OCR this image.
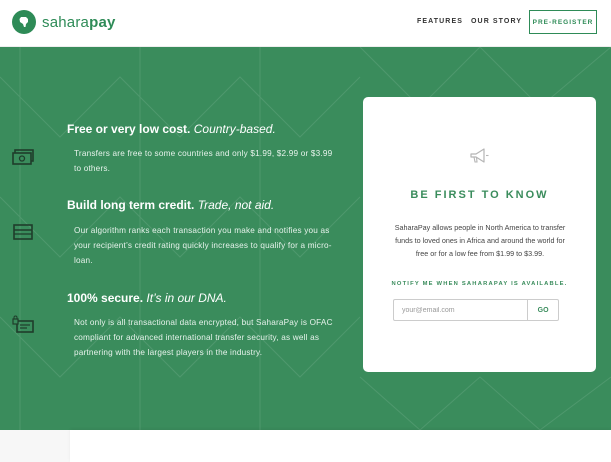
saharapay	FEATURES OUR STORY	PRE-REGISTER
Free or very low cost. Country-based.
Transfers are free to some countries and only $1.99, $2.99 or $3.99 to others.
Build long term credit. Trade, not aid.
Our algorithm ranks each transaction you make and notifies you as your recipient’s credit rating quickly increases to qualify for a micro-loan.
100% secure. It’s in our DNA.
Not only is all transactional data encrypted, but SaharaPay is OFAC compliant for advanced international transfer security, as well as partnering with the largest players in the industry.
BE FIRST TO KNOW
SaharaPay allows people in North America to transfer funds to loved ones in Africa and around the world for free or for a low fee from $1.99 to $3.99.
NOTIFY ME WHEN SAHARAPAY IS AVAILABLE.
your@email.com
GO
